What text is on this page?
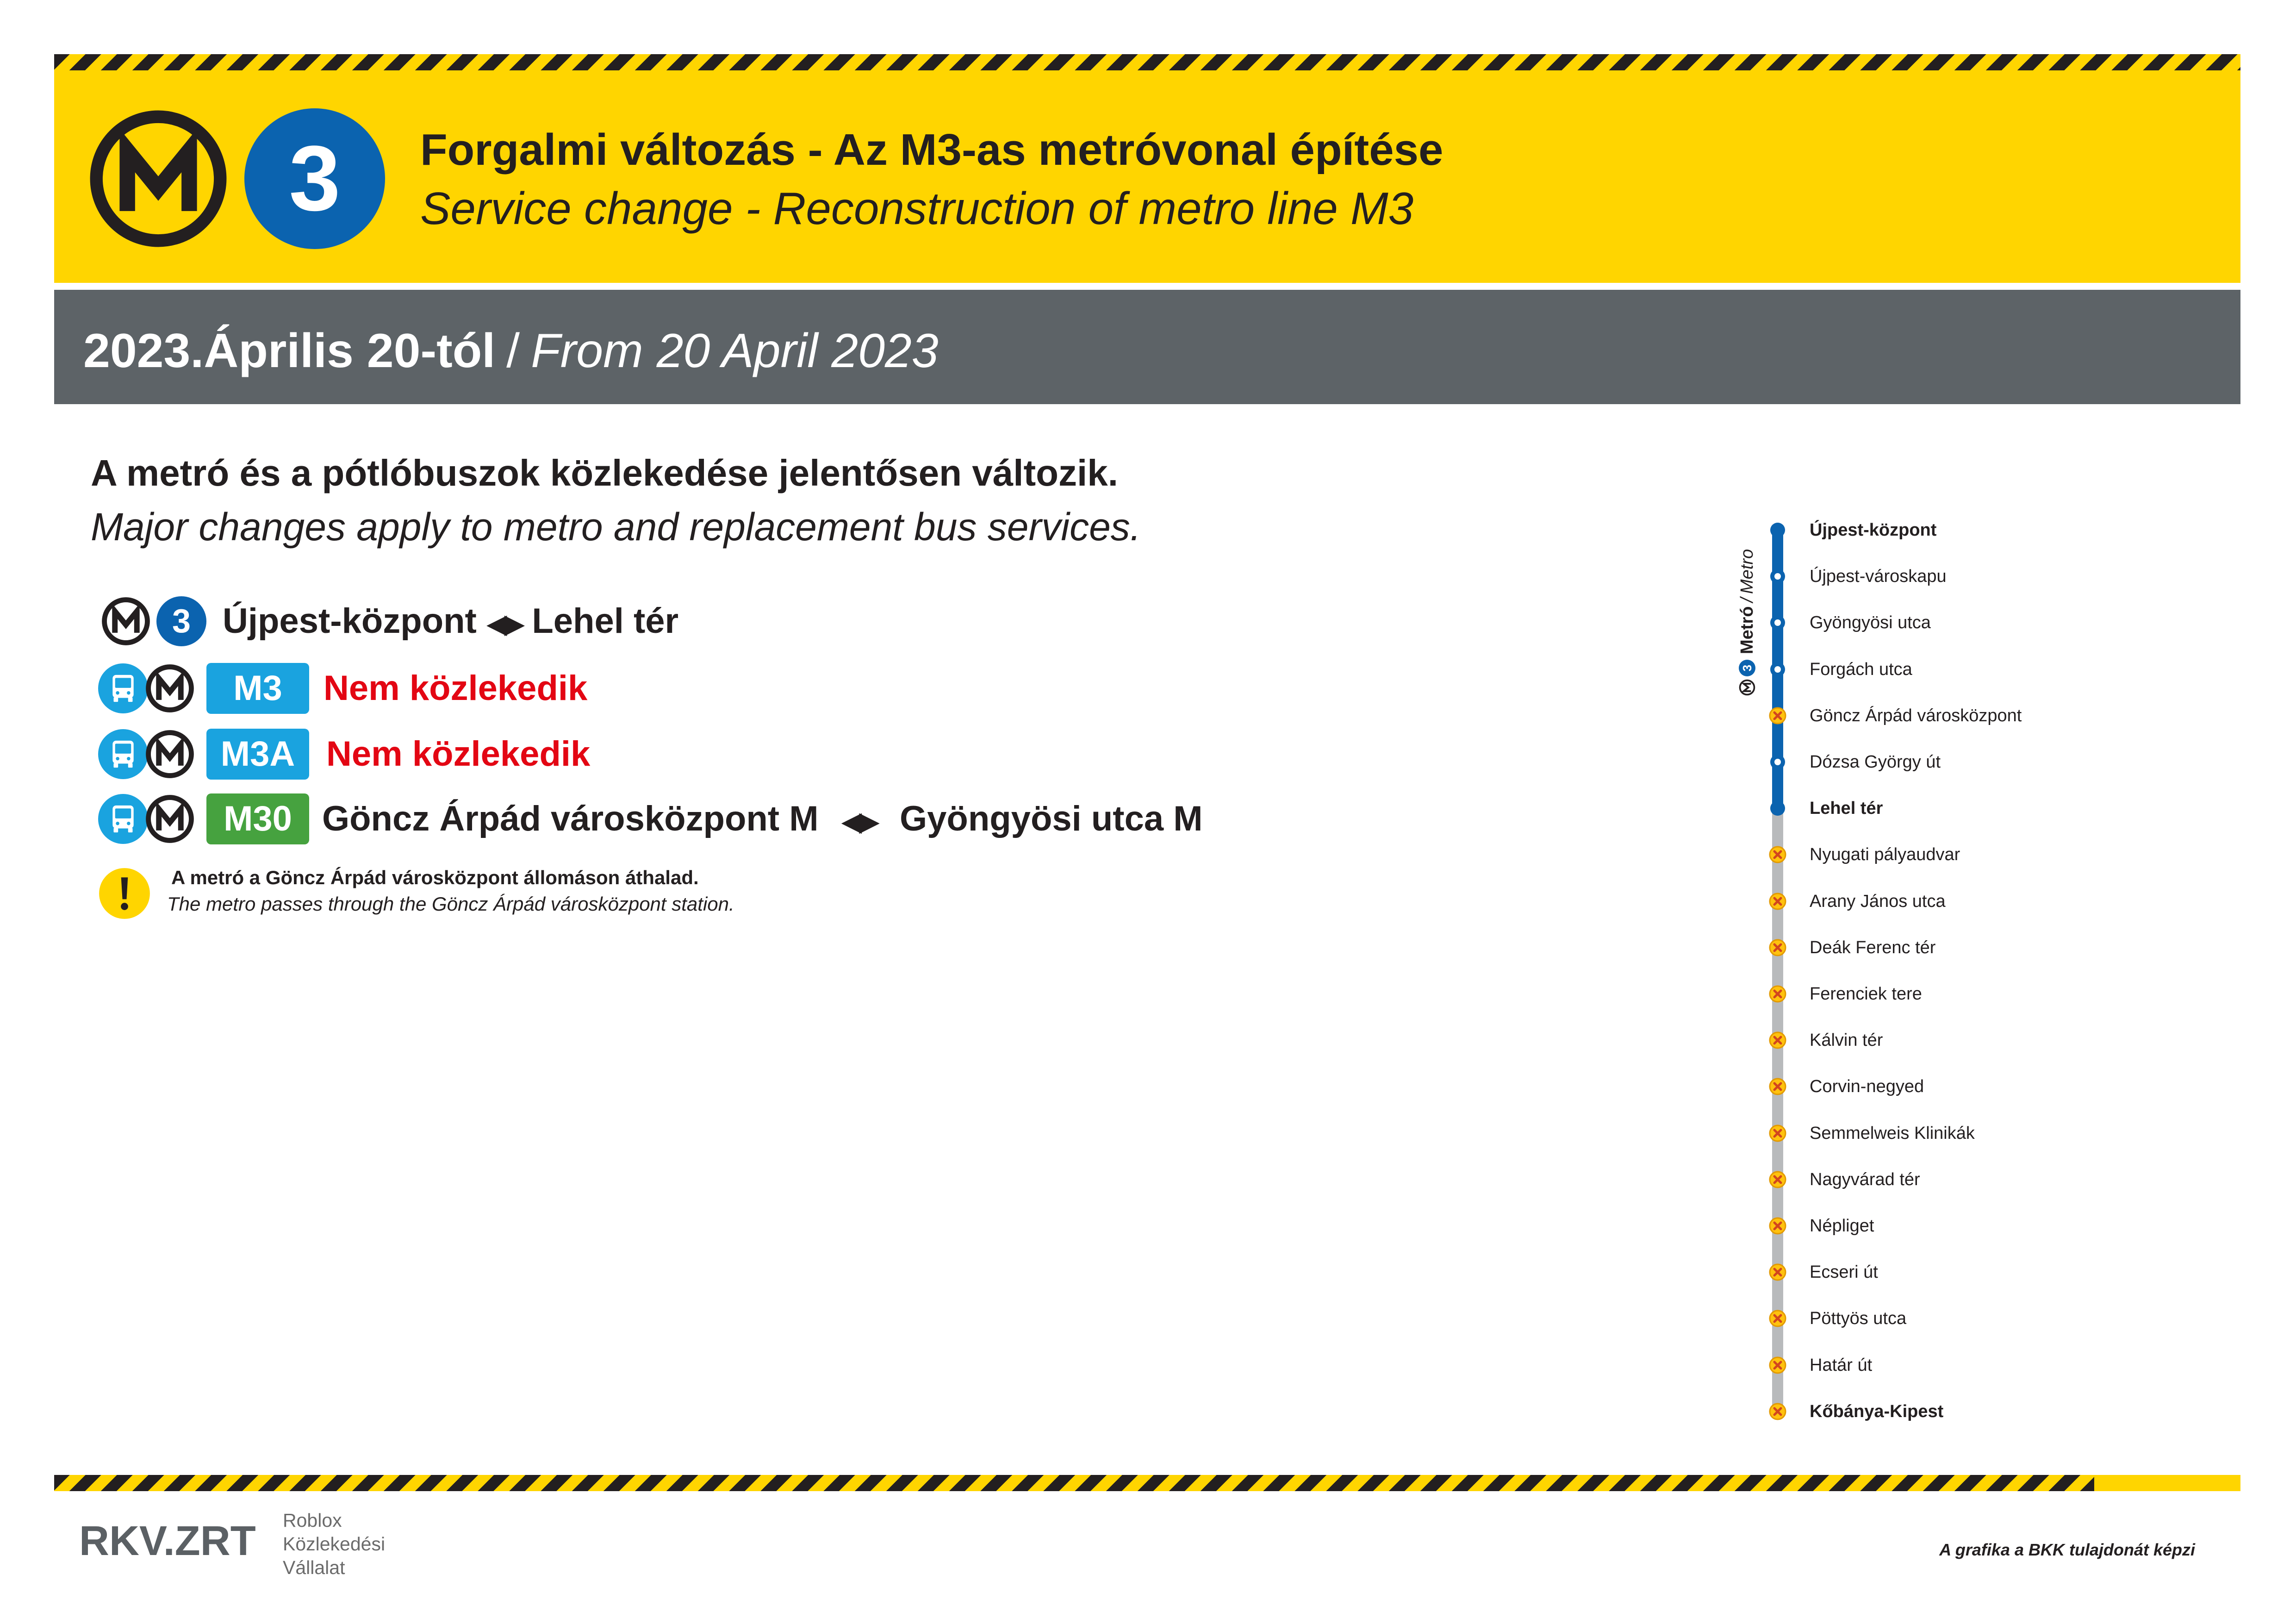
3	Forgalmi változás - Az M3-as metróvonal építése
Service change - Reconstruction of metro line M3
2023.Április 20-tól / From 20 April 2023
A metró és a pótlóbuszok közlekedése jelentősen változik.
Major changes apply to metro and replacement bus services.
3 Újpest-központ ◀▶ Lehel tér
M3	Nem közlekedik
M3A Nem közlekedik
M30 Göncz Árpád városközpont M ◀▶ Gyöngyösi utca M
A metró a Göncz Árpád városközpont állomáson áthalad.
The metro passes through the Göncz Árpád városközpont station.
3
Metró
/
Metro
Újpest-központ
Újpest-városkapu
Gyöngyösi utca
Forgách utca
Göncz Árpád városközpont
Dózsa György út
Lehel tér
Nyugati pályaudvar
Arany János utca
Deák Ferenc tér
Ferenciek tere
Kálvin tér
Corvin-negyed
Semmelweis Klinikák
Nagyvárad tér
Népliget
Ecseri út
Pöttyös utca
Határ út
Kőbánya-Kipest
RKV.ZRT Roblox
Közlekedési
Vállalat
A grafika a BKK tulajdonát képzi
